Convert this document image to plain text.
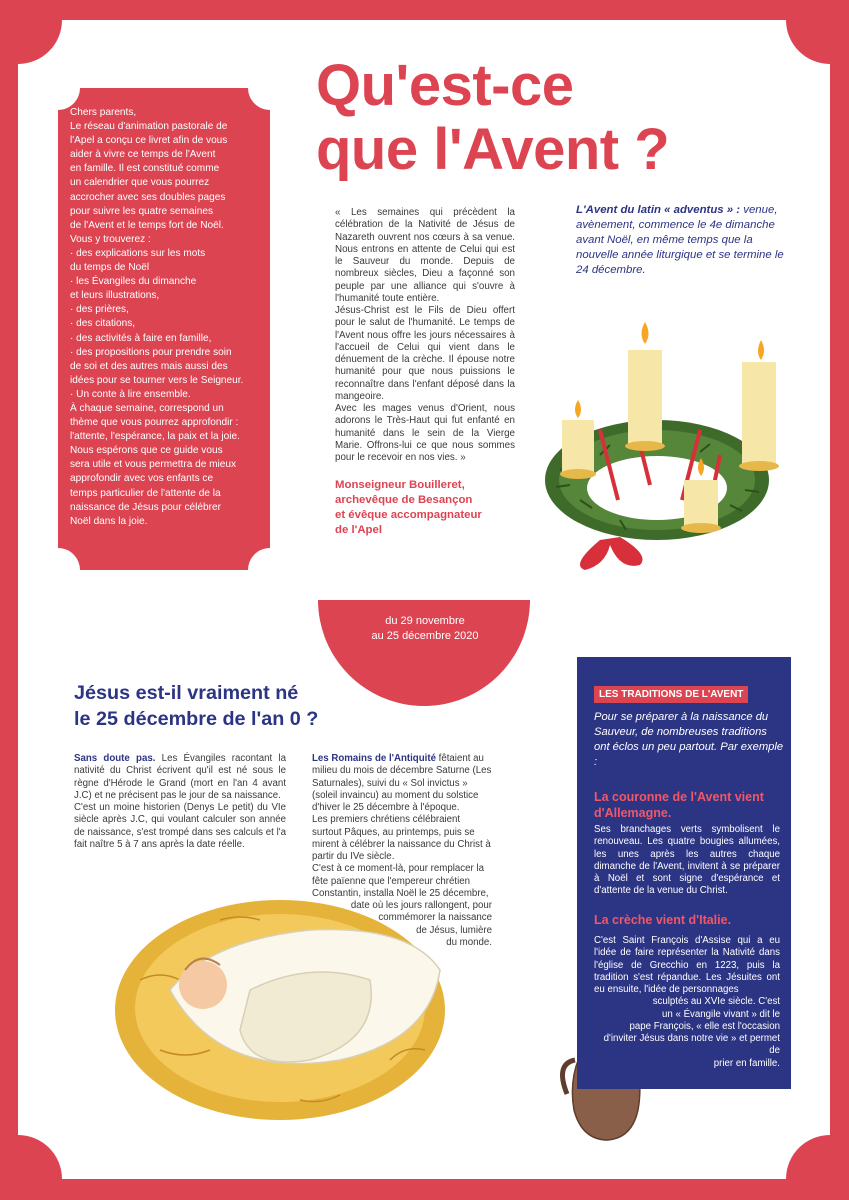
Chers parents,
Le réseau d'animation pastorale de
l'Apel a conçu ce livret afin de vous
aider à vivre ce temps de l'Avent
en famille. Il est constitué comme
un calendrier que vous pourrez
accrocher avec ses doubles pages
pour suivre les quatre semaines
de l'Avent et le temps fort de Noël.
Vous y trouverez :
· des explications sur les mots
du temps de Noël
· les Évangiles du dimanche
et leurs illustrations,
· des prières,
· des citations,
· des activités à faire en famille,
· des propositions pour prendre soin
de soi et des autres mais aussi des
idées pour se tourner vers le Seigneur.
· Un conte à lire ensemble.
À chaque semaine, correspond un
thème que vous pourrez approfondir :
l'attente, l'espérance, la paix et la joie.
Nous espérons que ce guide vous
sera utile et vous permettra de mieux
approfondir avec vos enfants ce
temps particulier de l'attente de la
naissance de Jésus pour célébrer
Noël dans la joie.
Qu'est-ce
que l'Avent ?

« Les semaines qui précèdent la célébration de la Nativité de Jésus de Nazareth ouvrent nos cœurs à sa venue. Nous entrons en attente de Celui qui est le Sauveur du monde. Depuis de nombreux siècles, Dieu a façonné son peuple par une alliance qui s'ouvre à l'humanité toute entière.

Jésus-Christ est le Fils de Dieu offert pour le salut de l'humanité. Le temps de l'Avent nous offre les jours nécessaires à l'accueil de Celui qui vient dans le dénuement de la crèche. Il épouse notre humanité pour que nous puissions le reconnaître dans l'enfant déposé dans la mangeoire.

Avec les mages venus d'Orient, nous adorons le Très-Haut qui fut enfanté en humanité dans le sein de la Vierge Marie. Offrons-lui ce que nous sommes pour le recevoir en nos vies. »

Monseigneur Bouilleret,
archevêque de Besançon
et évêque accompagnateur
de l'Apel
L'Avent du latin « adventus » : venue, avènement, commence le 4e dimanche avant Noël, en même temps que la nouvelle année liturgique et se termine le 24 décembre.
du 29 novembre
au 25 décembre 2020
Jésus est-il vraiment né
le 25 décembre de l'an 0 ?

Sans doute pas. Les Évangiles racontant la nativité du Christ écrivent qu'il est né sous le règne d'Hérode le Grand (mort en l'an 4 avant J.C) et ne précisent pas le jour de sa naissance.

C'est un moine historien (Denys Le petit) du VIe siècle après J.C, qui voulant calculer son année de naissance, s'est trompé dans ses calculs et l'a fait naître 5 à 7 ans après la date réelle.

Les Romains de l'Antiquité fêtaient au milieu du mois de décembre Saturne (Les Saturnales), suivi du « Sol invictus » (soleil invaincu) au moment du solstice d'hiver le 25 décembre à l'époque.

Les premiers chrétiens célébraient surtout Pâques, au printemps, puis se mirent à célébrer la naissance du Christ à partir du IVe siècle.

C'est à ce moment-là, pour remplacer la fête païenne que l'empereur chrétien Constantin, installa Noël le 25 décembre,

date où les jours rallongent, pour commémorer la naissance
de Jésus, lumière
du monde.
LES TRADITIONS DE L'AVENT
Pour se préparer à la naissance du Sauveur, de nombreuses traditions ont éclos un peu partout. Par exemple :
La couronne de l'Avent vient d'Allemagne.
Ses branchages verts symbolisent le renouveau. Les quatre bougies allumées, les unes après les autres chaque dimanche de l'Avent, invitent à se préparer à Noël et sont signe d'espérance et d'attente de la venue du Christ.
La crèche vient d'Italie.
C'est Saint François d'Assise qui a eu l'idée de faire représenter la Nativité dans l'église de Grecchio en 1223, puis la tradition s'est répandue. Les Jésuites ont eu ensuite, l'idée de personnages
sculptés au XVIe siècle. C'est
un « Évangile vivant » dit le
pape François, « elle est l'occasion d'inviter Jésus dans notre vie » et permet de
prier en famille.
